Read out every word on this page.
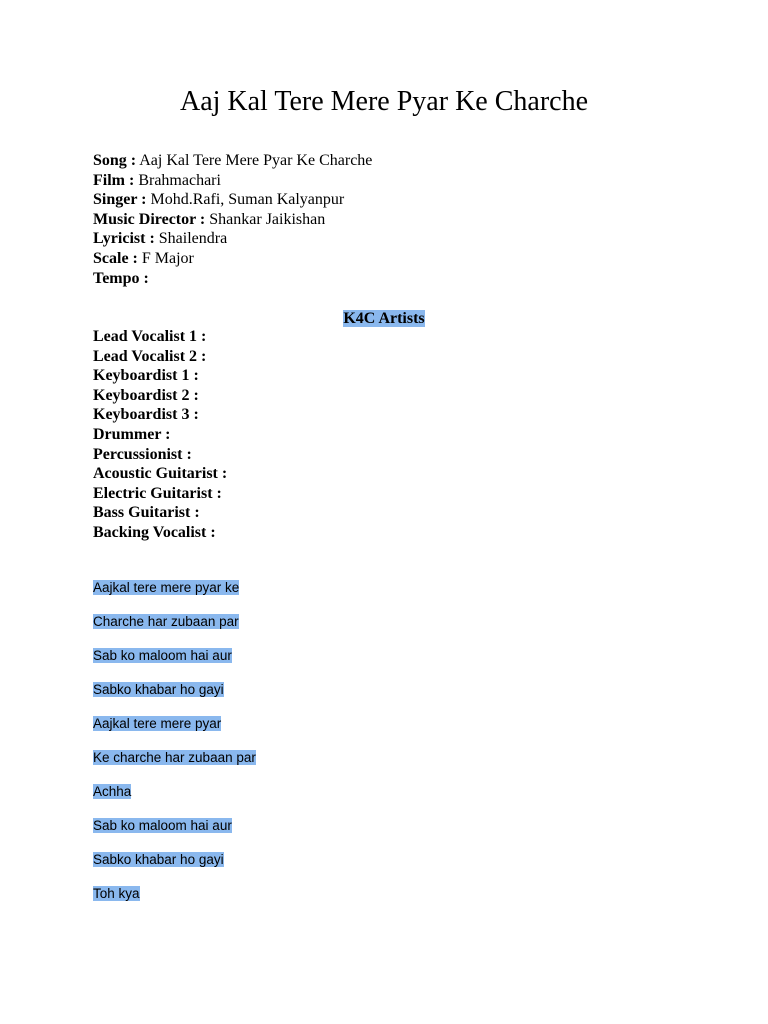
Aaj Kal Tere Mere Pyar Ke Charche
Song : Aaj Kal Tere Mere Pyar Ke Charche
Film : Brahmachari
Singer : Mohd.Rafi, Suman Kalyanpur
Music Director : Shankar Jaikishan
Lyricist : Shailendra
Scale : F Major
Tempo :
K4C Artists
Lead Vocalist 1 :
Lead Vocalist 2 :
Keyboardist 1 :
Keyboardist 2 :
Keyboardist 3 :
Drummer :
Percussionist :
Acoustic Guitarist :
Electric Guitarist :
Bass Guitarist :
Backing Vocalist :
Aajkal tere mere pyar ke
Charche har zubaan par
Sab ko maloom hai aur
Sabko khabar ho gayi
Aajkal tere mere pyar
Ke charche har zubaan par
Achha
Sab ko maloom hai aur
Sabko khabar ho gayi
Toh kya
